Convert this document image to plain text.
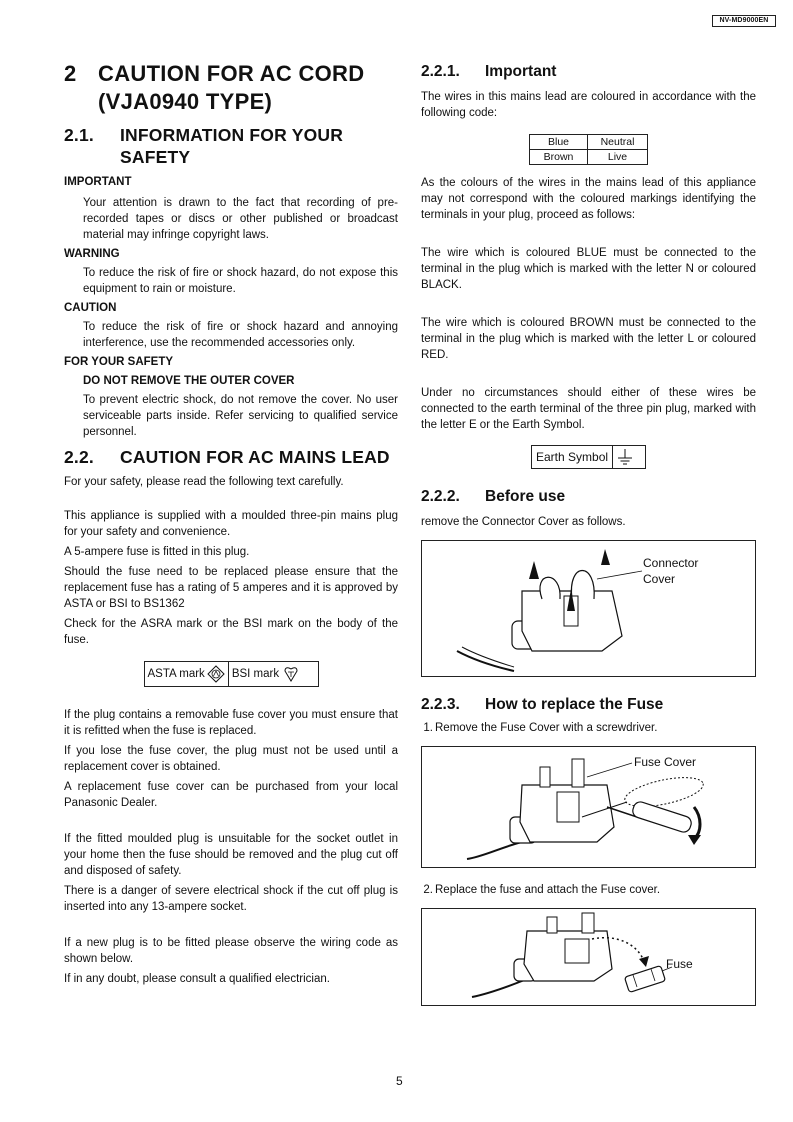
NV-MD9000EN
2 CAUTION FOR AC CORD (VJA0940 TYPE)
2.1.	INFORMATION FOR YOUR SAFETY
IMPORTANT

Your attention is drawn to the fact that recording of pre-recorded tapes or discs or other published or broadcast material may infringe copyright laws.

WARNING

To reduce the risk of fire or shock hazard, do not expose this equipment to rain or moisture.

CAUTION

To reduce the risk of fire or shock hazard and annoying interference, use the recommended accessories only.

FOR YOUR SAFETY
DO NOT REMOVE THE OUTER COVER

To prevent electric shock, do not remove the cover. No user serviceable parts inside. Refer servicing to qualified service personnel.

2.2.	CAUTION FOR AC MAINS LEAD

For your safety, please read the following text carefully.

This appliance is supplied with a moulded three-pin mains plug for your safety and convenience.

A 5-ampere fuse is fitted in this plug.

Should the fuse need to be replaced please ensure that the replacement fuse has a rating of 5 amperes and it is approved by ASTA or BSI to BS1362

Check for the ASRA mark or the BSI mark on the body of the fuse.

ASTA mark BSI mark

If the plug contains a removable fuse cover you must ensure that it is refitted when the fuse is replaced.

If you lose the fuse cover, the plug must not be used until a replacement cover is obtained.

A replacement fuse cover can be purchased from your local Panasonic Dealer.

If the fitted moulded plug is unsuitable for the socket outlet in your home then the fuse should be removed and the plug cut off and disposed of safety.

There is a danger of severe electrical shock if the cut off plug is inserted into any 13-ampere socket.

If a new plug is to be fitted please observe the wiring code as shown below.

If in any doubt, please consult a qualified electrician.

2.2.1.	Important

The wires in this mains lead are coloured in accordance with the following code:

Blue	Neutral
Brown	Live

As the colours of the wires in the mains lead of this appliance may not correspond with the coloured markings identifying the terminals in your plug, proceed as follows:

The wire which is coloured BLUE must be connected to the terminal in the plug which is marked with the letter N or coloured BLACK.

The wire which is coloured BROWN must be connected to the terminal in the plug which is marked with the letter L or coloured RED.

Under no circumstances should either of these wires be connected to the earth terminal of the three pin plug, marked with the letter E or the Earth Symbol.

Earth Symbol
2.2.2.	Before use

remove the Connector Cover as follows.

Connector
Cover
2.2.3.	How to replace the Fuse
1. Remove the Fuse Cover with a screwdriver.
Fuse Cover
2. Replace the fuse and attach the Fuse cover.
Fuse
5
